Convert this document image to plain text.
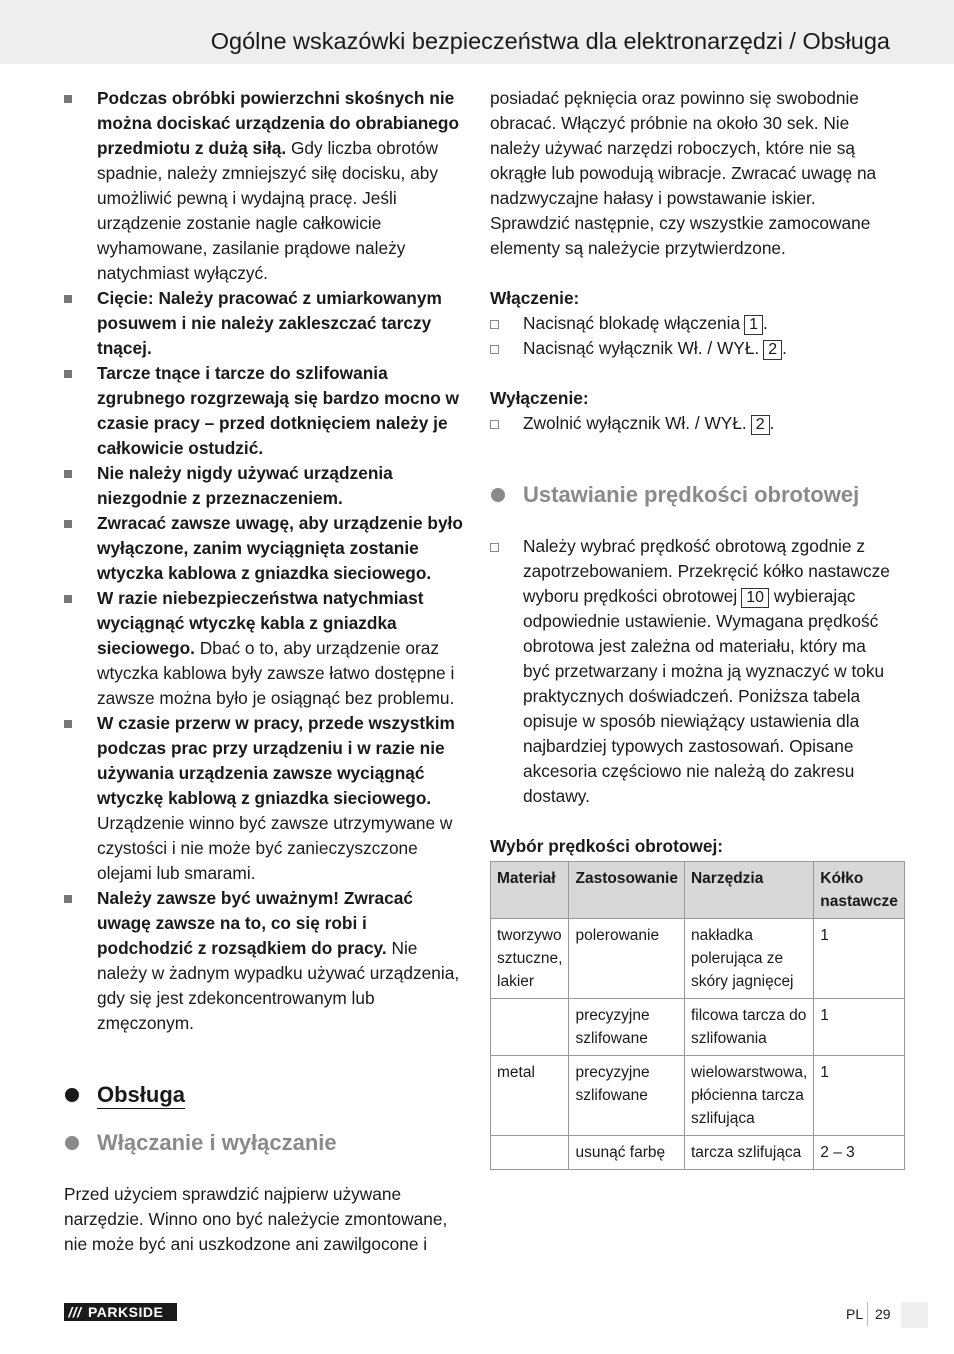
Ogólne wskazówki bezpieczeństwa dla elektronarzędzi / Obsługa
Podczas obróbki powierzchni skośnych nie można dociskać urządzenia do obrabianego przedmiotu z dużą siłą. Gdy liczba obrotów spadnie, należy zmniejszyć siłę docisku, aby umożliwić pewną i wydajną pracę. Jeśli urządzenie zostanie nagle całkowicie wyhamowane, zasilanie prądowe należy natychmiast wyłączyć.
Cięcie: Należy pracować z umiarkowanym posuwem i nie należy zakleszczać tarczy tnącej.
Tarcze tnące i tarcze do szlifowania zgrubnego rozgrzewają się bardzo mocno w czasie pracy – przed dotknięciem należy je całkowicie ostudzić.
Nie należy nigdy używać urządzenia niezgodnie z przeznaczeniem.
Zwracać zawsze uwagę, aby urządzenie było wyłączone, zanim wyciągnięta zostanie wtyczka kablowa z gniazdka sieciowego.
W razie niebezpieczeństwa natychmiast wyciągnąć wtyczkę kabla z gniazdka sieciowego. Dbać o to, aby urządzenie oraz wtyczka kablowa były zawsze łatwo dostępne i zawsze można było je osiągnąć bez problemu.
W czasie przerw w pracy, przede wszystkim podczas prac przy urządzeniu i w razie nie używania urządzenia zawsze wyciągnąć wtyczkę kablową z gniazdka sieciowego. Urządzenie winno być zawsze utrzymywane w czystości i nie może być zanieczyszczone olejami lub smarami.
Należy zawsze być uważnym! Zwracać uwagę zawsze na to, co się robi i podchodzić z rozsądkiem do pracy. Nie należy w żadnym wypadku używać urządzenia, gdy się jest zdekoncentrowanym lub zmęczonym.
Obsługa
Włączanie i wyłączanie

Przed użyciem sprawdzić najpierw używane narzędzie. Winno ono być należycie zmontowane, nie może być ani uszkodzone ani zawilgocone i

posiadać pęknięcia oraz powinno się swobodnie obracać. Włączyć próbnie na około 30 sek. Nie należy używać narzędzi roboczych, które nie są okrągłe lub powodują wibracje. Zwracać uwagę na nadzwyczajne hałasy i powstawanie iskier. Sprawdzić następnie, czy wszystkie zamocowane elementy są należycie przytwierdzone.

Włączenie:

Nacisnąć blokadę włączenia 1 .
Nacisnąć wyłącznik Wł. / WYŁ. 2 .

Wyłączenie:

Zwolnić wyłącznik Wł. / WYŁ. 2 .
Ustawianie prędkości obrotowej
Należy wybrać prędkość obrotową zgodnie z zapotrzebowaniem. Przekręcić kółko nastawcze wyboru prędkości obrotowej 10 wybierając odpowiednie ustawienie. Wymagana prędkość obrotowa jest zależna od materiału, który ma być przetwarzany i można ją wyznaczyć w toku praktycznych doświadczeń. Poniższa tabela opisuje w sposób niewiążący ustawienia dla najbardziej typowych zastosowań. Opisane akcesoria częściowo nie należą do zakresu dostawy.

Wybór prędkości obrotowej:

Materiał	Zastosowanie	Narzędzia	Kółko nastawcze
tworzywo sztuczne, lakier	polerowanie	nakładka polerująca ze skóry jagnięcej	1
	precyzyjne szlifowane	filcowa tarcza do szlifowania	1
metal	precyzyjne szlifowane	wielowarstwowa, płócienna tarcza szlifująca	1
	usunąć farbę	tarcza szlifująca	2 – 3
/// PARKSIDE	PL 29
